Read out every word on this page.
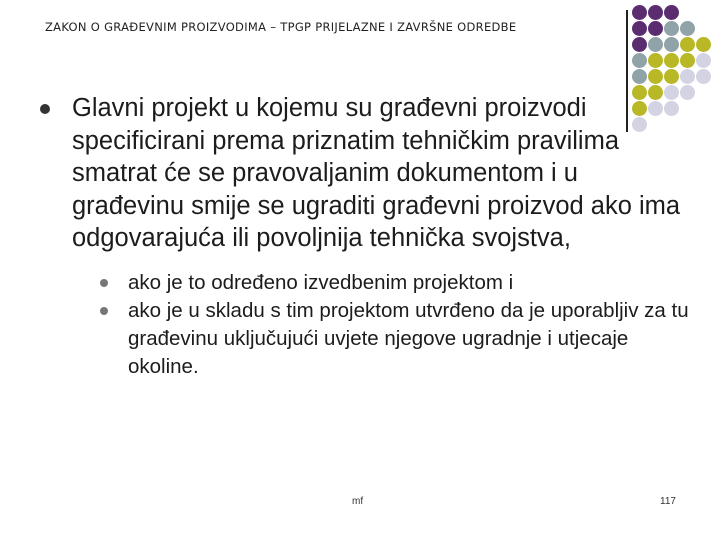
ZAKON O GRAĐEVNIM PROIZVODIMA – TPGP PRIJELAZNE I ZAVRŠNE ODREDBE
Glavni projekt u kojemu su građevni proizvodi specificirani prema priznatim tehničkim pravilima smatrat će se pravovaljanim dokumentom i u građevinu smije se ugraditi građevni proizvod ako ima odgovarajuća ili povoljnija tehnička svojstva,
ako je to određeno izvedbenim projektom i
ako je u skladu s tim projektom utvrđeno da je uporabljiv za tu građevinu uključujući uvjete njegove ugradnje i utjecaje okoline.
mf	117
